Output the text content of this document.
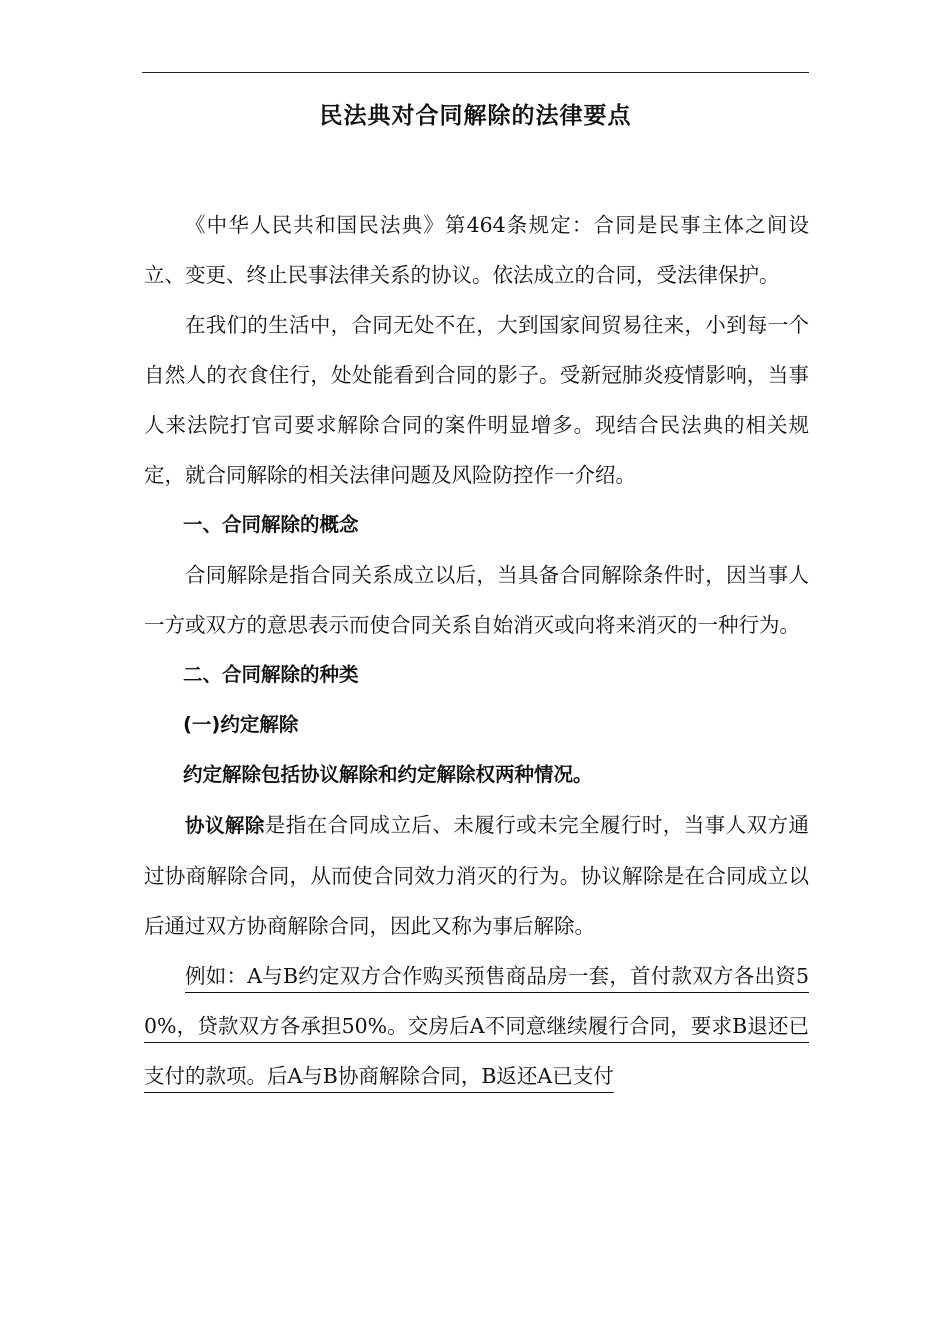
民法典对合同解除的法律要点

《中华人民共和国民法典》第464条规定：合同是民事主体之间设立、变更、终止民事法律关系的协议。依法成立的合同，受法律保护。

在我们的生活中，合同无处不在，大到国家间贸易往来，小到每一个自然人的衣食住行，处处能看到合同的影子。受新冠肺炎疫情影响，当事人来法院打官司要求解除合同的案件明显增多。现结合民法典的相关规定，就合同解除的相关法律问题及风险防控作一介绍。

一、合同解除的概念

合同解除是指合同关系成立以后，当具备合同解除条件时，因当事人一方或双方的意思表示而使合同关系自始消灭或向将来消灭的一种行为。

二、合同解除的种类

(一)约定解除

约定解除包括协议解除和约定解除权两种情况。

协议解除是指在合同成立后、未履行或未完全履行时，当事人双方通过协商解除合同，从而使合同效力消灭的行为。协议解除是在合同成立以后通过双方协商解除合同，因此又称为事后解除。

例如：A与B约定双方合作购买预售商品房一套，首付款双方各出资50%，贷款双方各承担50%。交房后A不同意继续履行合同，要求B退还已支付的款项。后A与B协商解除合同，B返还A已支付
